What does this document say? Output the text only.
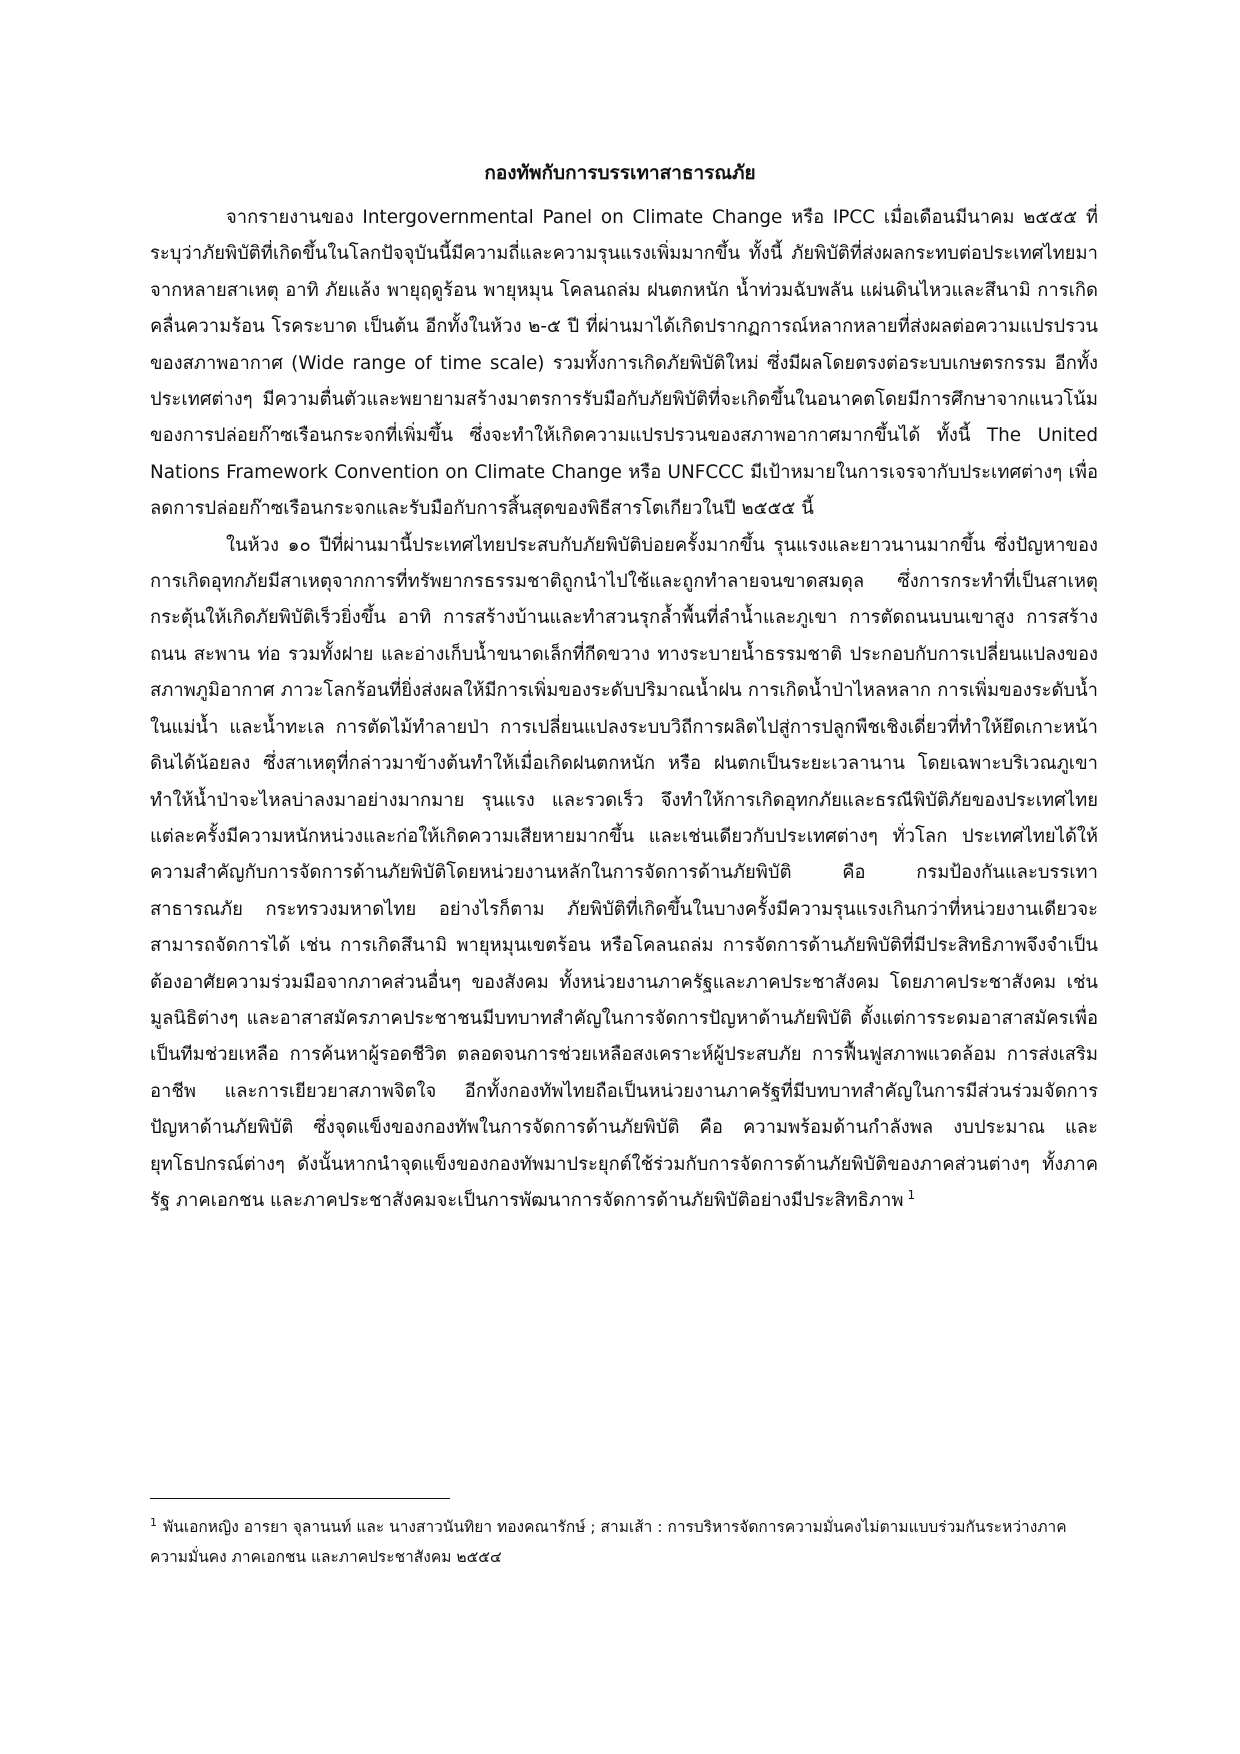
กองทัพกับการบรรเทาสาธารณภัย

จากรายงานของ Intergovernmental Panel on Climate Change หรือ IPCC เมื่อเดือนมีนาคม ๒๕๕๕ ที่ระบุว่าภัยพิบัติที่เกิดขึ้นในโลกปัจจุบันนี้มีความถี่และความรุนแรงเพิ่มมากขึ้น ทั้งนี้ ภัยพิบัติที่ส่งผลกระทบต่อประเทศไทยมาจากหลายสาเหตุ อาทิ ภัยแล้ง พายุฤดูร้อน พายุหมุน โคลนถล่ม ฝนตกหนัก น้ำท่วมฉับพลัน แผ่นดินไหวและสึนามิ การเกิดคลื่นความร้อน โรคระบาด เป็นต้น อีกทั้งในห้วง ๒-๕ ปี ที่ผ่านมาได้เกิดปรากฏการณ์หลากหลายที่ส่งผลต่อความแปรปรวนของสภาพอากาศ (Wide range of time scale) รวมทั้งการเกิดภัยพิบัติใหม่ ซึ่งมีผลโดยตรงต่อระบบเกษตรกรรม อีกทั้ง ประเทศต่างๆ มีความตื่นตัวและพยายามสร้างมาตรการรับมือกับภัยพิบัติที่จะเกิดขึ้นในอนาคตโดยมีการศึกษาจากแนวโน้มของการปล่อยก๊าซเรือนกระจกที่เพิ่มขึ้น ซึ่งจะทำให้เกิดความแปรปรวนของสภาพอากาศมากขึ้นได้ ทั้งนี้ The United Nations Framework Convention on Climate Change หรือ UNFCCC มีเป้าหมายในการเจรจากับประเทศต่างๆ เพื่อลดการปล่อยก๊าซเรือนกระจกและรับมือกับการสิ้นสุดของพิธีสารโตเกียวในปี ๒๕๕๕ นี้

ในห้วง ๑๐ ปีที่ผ่านมานี้ประเทศไทยประสบกับภัยพิบัติบ่อยครั้งมากขึ้น รุนแรงและยาวนานมากขึ้น ซึ่งปัญหาของการเกิดอุทกภัยมีสาเหตุจากการที่ทรัพยากรธรรมชาติถูกนำไปใช้และถูกทำลายจนขาดสมดุล ซึ่งการกระทำที่เป็นสาเหตุกระตุ้นให้เกิดภัยพิบัติเร็วยิ่งขึ้น อาทิ การสร้างบ้านและทำสวนรุกล้ำพื้นที่ลำน้ำและภูเขา การตัดถนนบนเขาสูง การสร้างถนน สะพาน ท่อ รวมทั้งฝาย และอ่างเก็บน้ำขนาดเล็กที่กีดขวาง ทางระบายน้ำธรรมชาติ ประกอบกับการเปลี่ยนแปลงของสภาพภูมิอากาศ ภาวะโลกร้อนที่ยิ่งส่งผลให้มีการเพิ่มของระดับปริมาณน้ำฝน การเกิดน้ำป่าไหลหลาก การเพิ่มของระดับน้ำในแม่น้ำ และน้ำทะเล การตัดไม้ทำลายป่า การเปลี่ยนแปลงระบบวิถีการผลิตไปสู่การปลูกพืชเชิงเดี่ยวที่ทำให้ยึดเกาะหน้าดินได้น้อยลง ซึ่งสาเหตุที่กล่าวมาข้างต้นทำให้เมื่อเกิดฝนตกหนัก หรือ ฝนตกเป็นระยะเวลานาน โดยเฉพาะบริเวณภูเขา ทำให้น้ำป่าจะไหลบ่าลงมาอย่างมากมาย รุนแรง และรวดเร็ว จึงทำให้การเกิดอุทกภัยและธรณีพิบัติภัยของประเทศไทยแต่ละครั้งมีความหนักหน่วงและก่อให้เกิดความเสียหายมากขึ้น และเช่นเดียวกับประเทศต่างๆ ทั่วโลก ประเทศไทยได้ให้ความสำคัญกับการจัดการด้านภัยพิบัติโดยหน่วยงานหลักในการจัดการด้านภัยพิบัติ คือ กรมป้องกันและบรรเทาสาธารณภัย กระทรวงมหาดไทย อย่างไรก็ตาม ภัยพิบัติที่เกิดขึ้นในบางครั้งมีความรุนแรงเกินกว่าที่หน่วยงานเดียวจะสามารถจัดการได้ เช่น การเกิดสึนามิ พายุหมุนเขตร้อน หรือโคลนถล่ม การจัดการด้านภัยพิบัติที่มีประสิทธิภาพจึงจำเป็นต้องอาศัยความร่วมมือจากภาคส่วนอื่นๆ ของสังคม ทั้งหน่วยงานภาครัฐและภาคประชาสังคม โดยภาคประชาสังคม เช่น มูลนิธิต่างๆ และอาสาสมัครภาคประชาชนมีบทบาทสำคัญในการจัดการปัญหาด้านภัยพิบัติ ตั้งแต่การระดมอาสาสมัครเพื่อเป็นทีมช่วยเหลือ การค้นหาผู้รอดชีวิต ตลอดจนการช่วยเหลือสงเคราะห์ผู้ประสบภัย การฟื้นฟูสภาพแวดล้อม การส่งเสริมอาชีพ และการเยียวยาสภาพจิตใจ อีกทั้งกองทัพไทยถือเป็นหน่วยงานภาครัฐที่มีบทบาทสำคัญในการมีส่วนร่วมจัดการปัญหาด้านภัยพิบัติ ซึ่งจุดแข็งของกองทัพในการจัดการด้านภัยพิบัติ คือ ความพร้อมด้านกำลังพล งบประมาณ และยุทโธปกรณ์ต่างๆ ดังนั้นหากนำจุดแข็งของกองทัพมาประยุกต์ใช้ร่วมกับการจัดการด้านภัยพิบัติของภาคส่วนต่างๆ ทั้งภาครัฐ ภาคเอกชน และภาคประชาสังคมจะเป็นการพัฒนาการจัดการด้านภัยพิบัติอย่างมีประสิทธิภาพ $^1$

$^1$ พันเอกหญิง อารยา จุลานนท์ และ นางสาวนันทิยา ทองคณารักษ์ ; สามเส้า : การบริหารจัดการความมั่นคงไม่ตามแบบร่วมกันระหว่างภาคความมั่นคง ภาคเอกชน และภาคประชาสังคม ๒๕๕๔
